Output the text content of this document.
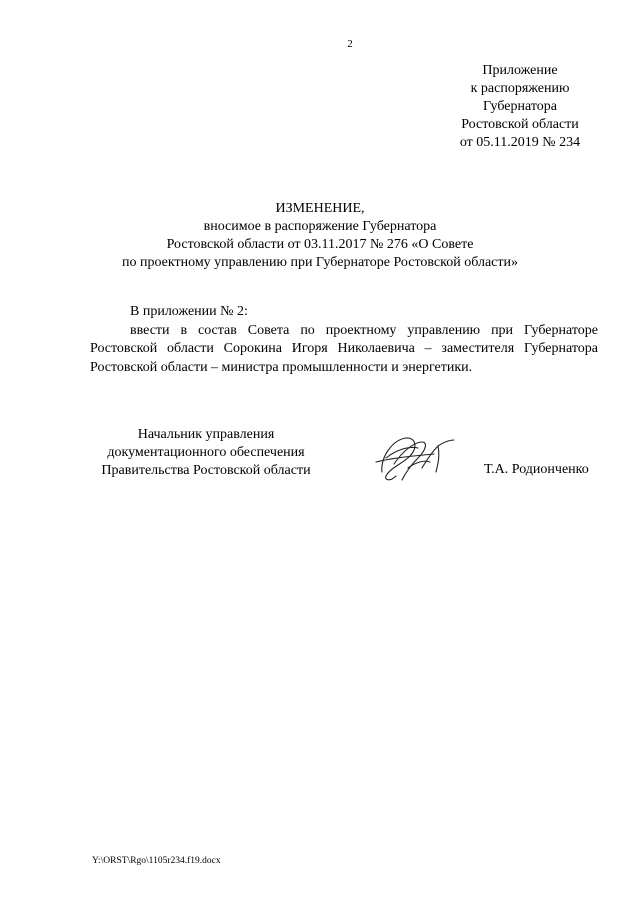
2
Приложение
к распоряжению
Губернатора
Ростовской области
от 05.11.2019 № 234
ИЗМЕНЕНИЕ,
вносимое в распоряжение Губернатора
Ростовской области от 03.11.2017 № 276 «О Совете
по проектному управлению при Губернаторе Ростовской области»

В приложении № 2:

ввести в состав Совета по проектному управлению при Губернаторе Ростовской области Сорокина Игоря Николаевича – заместителя Губернатора Ростовской области – министра промышленности и энергетики.

Начальник управления
документационного обеспечения
Правительства Ростовской области	Т.А. Родионченко
Y:\ORST\Rgo\1105r234.f19.docx
